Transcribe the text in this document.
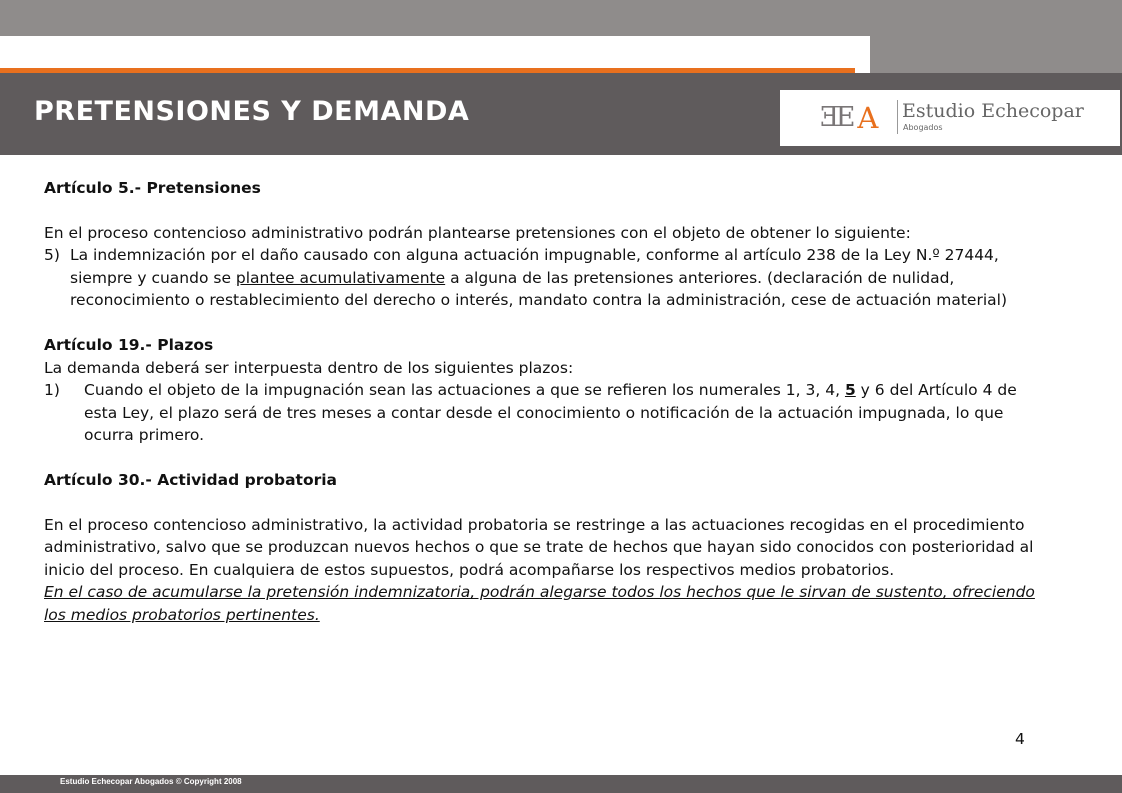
PRETENSIONES Y DEMANDA	ƎE A Estudio Echecopar
Abogados

Artículo 5.- Pretensiones

En el proceso contencioso administrativo podrán plantearse pretensiones con el objeto de obtener lo siguiente:

5) La indemnización por el daño causado con alguna actuación impugnable, conforme al artículo 238 de la Ley N.º 27444, siempre y cuando se plantee acumulativamente a alguna de las pretensiones anteriores. (declaración de nulidad, reconocimiento o restablecimiento del derecho o interés, mandato contra la administración, cese de actuación material)

Artículo 19.- Plazos

La demanda deberá ser interpuesta dentro de los siguientes plazos:

1)	Cuando el objeto de la impugnación sean las actuaciones a que se refieren los numerales 1, 3, 4, 5 y 6 del Artículo 4 de esta Ley, el plazo será de tres meses a contar desde el conocimiento o notificación de la actuación impugnada, lo que ocurra primero.

Artículo 30.- Actividad probatoria

En el proceso contencioso administrativo, la actividad probatoria se restringe a las actuaciones recogidas en el procedimiento administrativo, salvo que se produzcan nuevos hechos o que se trate de hechos que hayan sido conocidos con posterioridad al inicio del proceso. En cualquiera de estos supuestos, podrá acompañarse los respectivos medios probatorios.

En el caso de acumularse la pretensión indemnizatoria, podrán alegarse todos los hechos que le sirvan de sustento, ofreciendo los medios probatorios pertinentes.

4
Estudio Echecopar Abogados © Copyright 2008
